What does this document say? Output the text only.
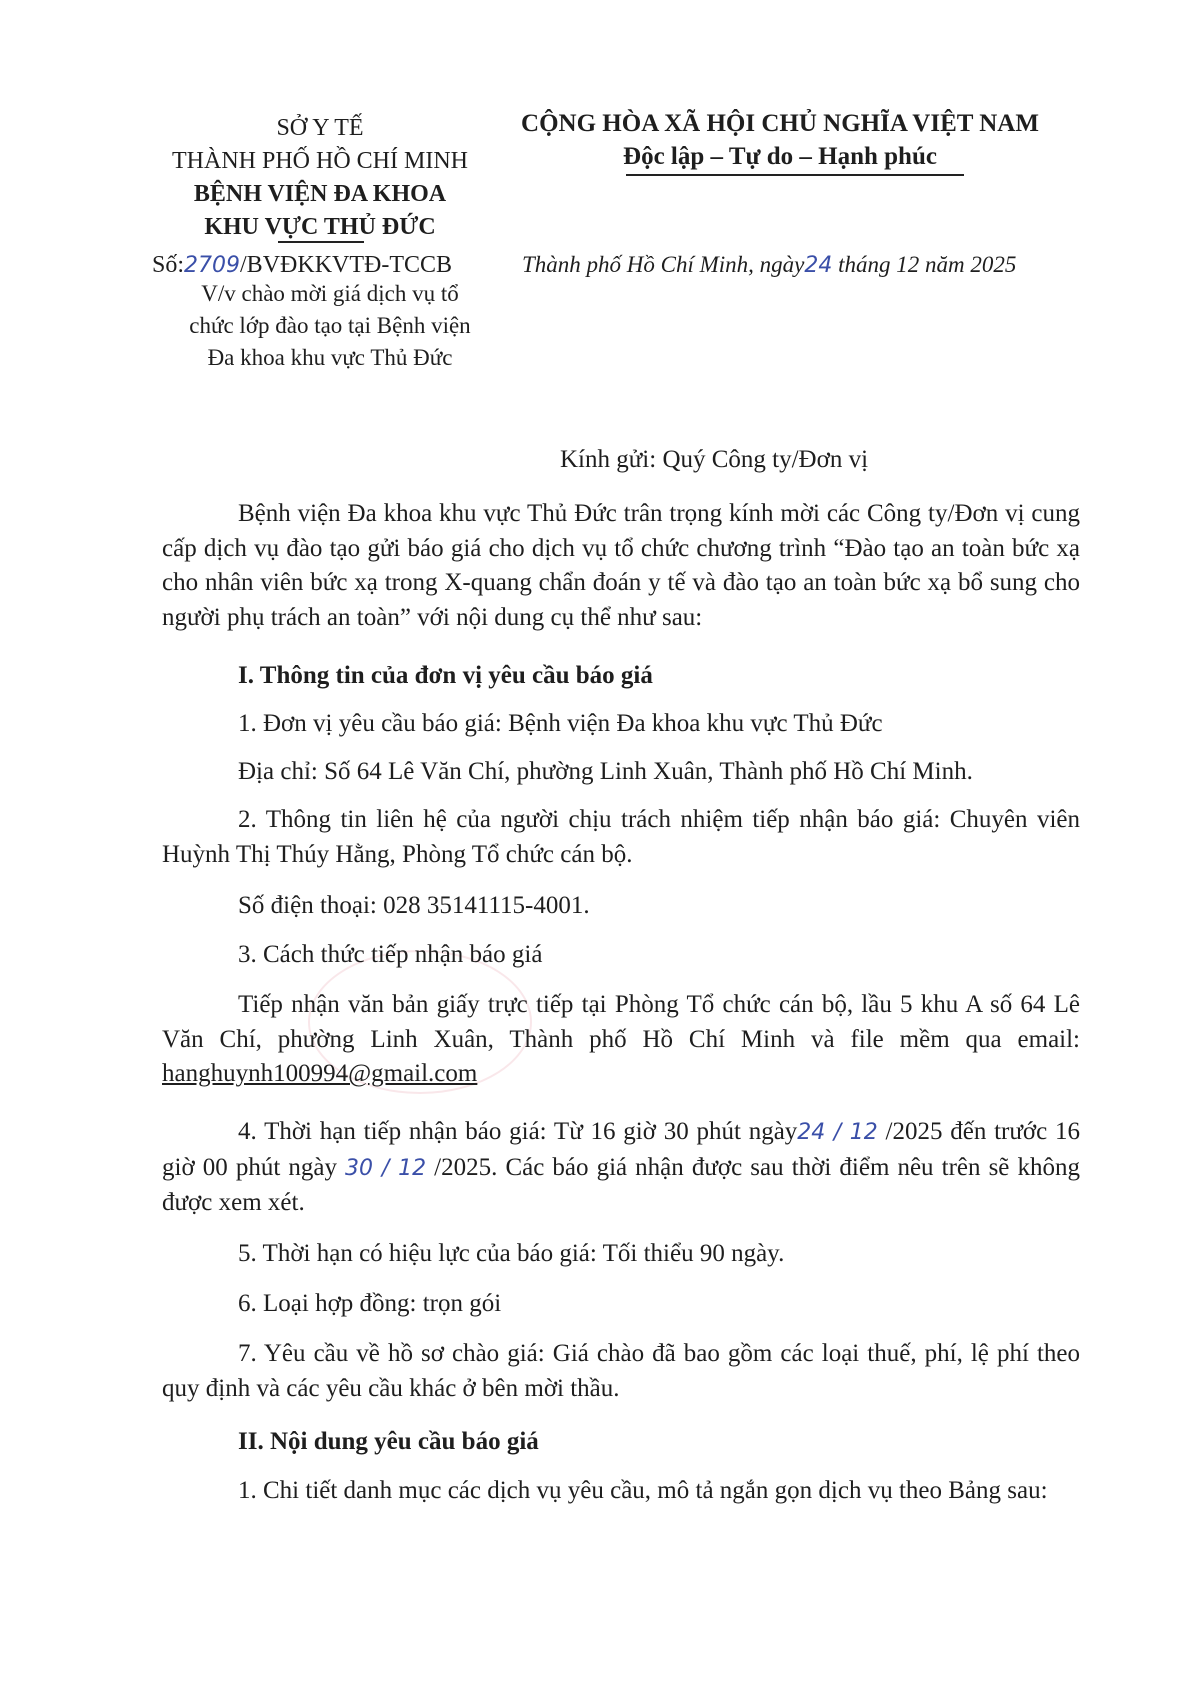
SỞ Y TẾ
THÀNH PHỐ HỒ CHÍ MINH
BỆNH VIỆN ĐA KHOA
KHU VỰC THỦ ĐỨC
CỘNG HÒA XÃ HỘI CHỦ NGHĨA VIỆT NAM
Độc lập – Tự do – Hạnh phúc
Số:2709/BVĐKKVTĐ-TCCB
V/v chào mời giá dịch vụ tổ
chức lớp đào tạo tại Bệnh viện
Đa khoa khu vực Thủ Đức
Thành phố Hồ Chí Minh, ngày24 tháng 12 năm 2025
Kính gửi: Quý Công ty/Đơn vị
Bệnh viện Đa khoa khu vực Thủ Đức trân trọng kính mời các Công ty/Đơn vị cung cấp dịch vụ đào tạo gửi báo giá cho dịch vụ tổ chức chương trình “Đào tạo an toàn bức xạ cho nhân viên bức xạ trong X-quang chẩn đoán y tế và đào tạo an toàn bức xạ bổ sung cho người phụ trách an toàn” với nội dung cụ thể như sau:
I. Thông tin của đơn vị yêu cầu báo giá
1. Đơn vị yêu cầu báo giá: Bệnh viện Đa khoa khu vực Thủ Đức
Địa chỉ: Số 64 Lê Văn Chí, phường Linh Xuân, Thành phố Hồ Chí Minh.
2. Thông tin liên hệ của người chịu trách nhiệm tiếp nhận báo giá: Chuyên viên Huỳnh Thị Thúy Hằng, Phòng Tổ chức cán bộ.
Số điện thoại: 028 35141115-4001.
3. Cách thức tiếp nhận báo giá
Tiếp nhận văn bản giấy trực tiếp tại Phòng Tổ chức cán bộ, lầu 5 khu A số 64 Lê Văn Chí, phường Linh Xuân, Thành phố Hồ Chí Minh và file mềm qua email: hanghuynh100994@gmail.com
4. Thời hạn tiếp nhận báo giá: Từ 16 giờ 30 phút ngày24 / 12 /2025 đến trước 16 giờ 00 phút ngày 30 / 12 /2025. Các báo giá nhận được sau thời điểm nêu trên sẽ không được xem xét.
5. Thời hạn có hiệu lực của báo giá: Tối thiểu 90 ngày.
6. Loại hợp đồng: trọn gói
7. Yêu cầu về hồ sơ chào giá: Giá chào đã bao gồm các loại thuế, phí, lệ phí theo quy định và các yêu cầu khác ở bên mời thầu.
II. Nội dung yêu cầu báo giá
1. Chi tiết danh mục các dịch vụ yêu cầu, mô tả ngắn gọn dịch vụ theo Bảng sau:
